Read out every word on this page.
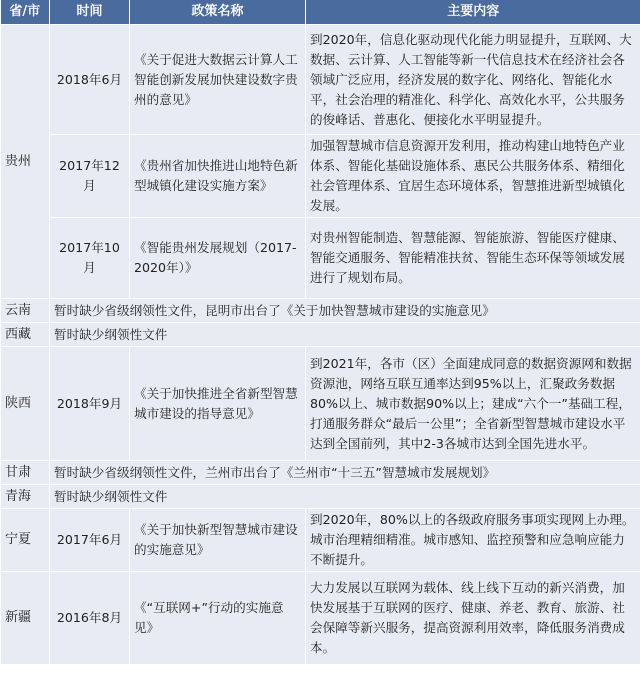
省/市	时间	政策名称	主要内容
贵州	2018年6月	《关于促进大数据云计算人工智能创新发展加快建设数字贵州的意见》	到2020年，信息化驱动现代化能力明显提升，互联网、大数据、云计算、人工智能等新一代信息技术在经济社会各领域广泛应用，经济发展的数字化、网络化、智能化水平，社会治理的精准化、科学化、高效化水平，公共服务的俊峰话、普惠化、便接化水平明显提升。
	2017年12月	《贵州省加快推进山地特色新型城镇化建设实施方案》	加强智慧城市信息资源开发利用，推动构建山地特色产业体系、智能化基础设施体系、惠民公共服务体系、精细化社会管理体系、宜居生态环境体系，智慧推进新型城镇化发展。
	2017年10月	《智能贵州发展规划（2017-2020年）》	对贵州智能制造、智慧能源、智能旅游、智能医疗健康、智能交通服务、智能精准扶贫、智能生态环保等领域发展进行了规划布局。
云南	暂时缺少省级纲领性文件，昆明市出台了《关于加快智慧城市建设的实施意见》		
西藏	暂时缺少纲领性文件		
陕西	2018年9月	《关于加快推进全省新型智慧城市建设的指导意见》	到2021年，各市（区）全面建成同意的数据资源网和数据资源池，网络互联互通率达到95%以上，汇聚政务数据80%以上、城市数据90%以上；建成“六个一”基础工程，打通服务群众“最后一公里”；全省新型智慧城市建设水平达到全国前列，其中2-3各城市达到全国先进水平。
甘肃	暂时缺少省级纲领性文件，兰州市出台了《兰州市“十三五”智慧城市发展规划》		
青海	暂时缺少纲领性文件		
宁夏	2017年6月	《关于加快新型智慧城市建设的实施意见》	到2020年，80%以上的各级政府服务事项实现网上办理。城市治理精细精准。城市感知、监控预警和应急响应能力不断提升。
新疆	2016年8月	《“互联网+”行动的实施意见》	大力发展以互联网为载体、线上线下互动的新兴消费，加快发展基于互联网的医疗、健康、养老、教育、旅游、社会保障等新兴服务，提高资源利用效率，降低服务消费成本。
